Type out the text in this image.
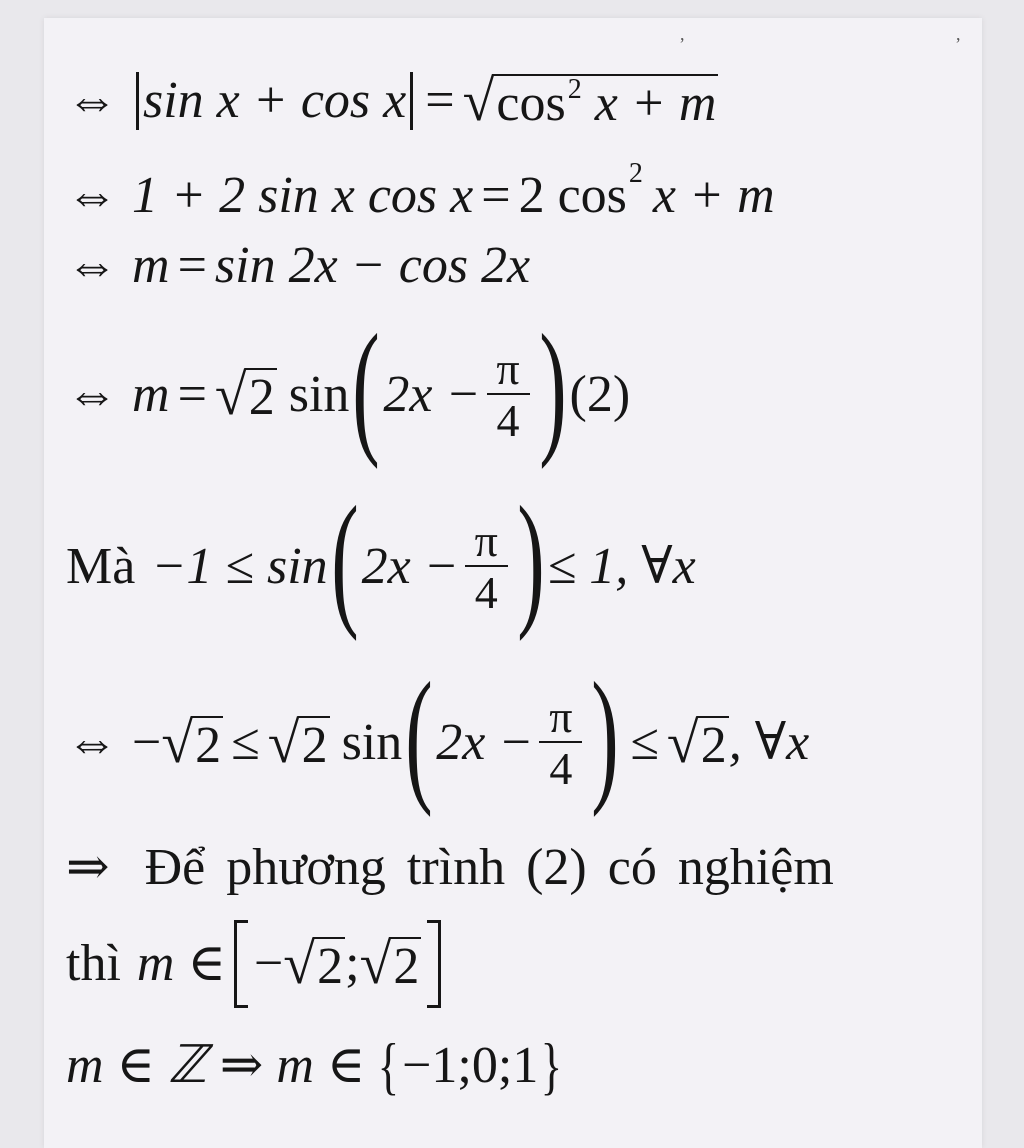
,	,
⇔ sin x + cos x = √ $\cos^2 x + m$
⇔ 1 + 2 sin x cos x = 2 cos 2 x + m
⇔ m = sin 2x − cos 2x
⇔ m = √ 2 sin ( $2x - \frac{\pi}{4}$ ) (2)
Mà −1 ≤ sin ( $2x - \frac{\pi}{4}$ ) ≤ 1, ∀x
⇔ − √ 2 ≤ √ 2 sin ( $2x - \frac{\pi}{4}$ ) ≤ √ 2 , ∀x
⇒ Để phương trình (2) có nghiệm
thì m ∈ − √ 2 ; √ 2
m ∈ ℤ ⇒ m ∈ { −1;0;1 }
